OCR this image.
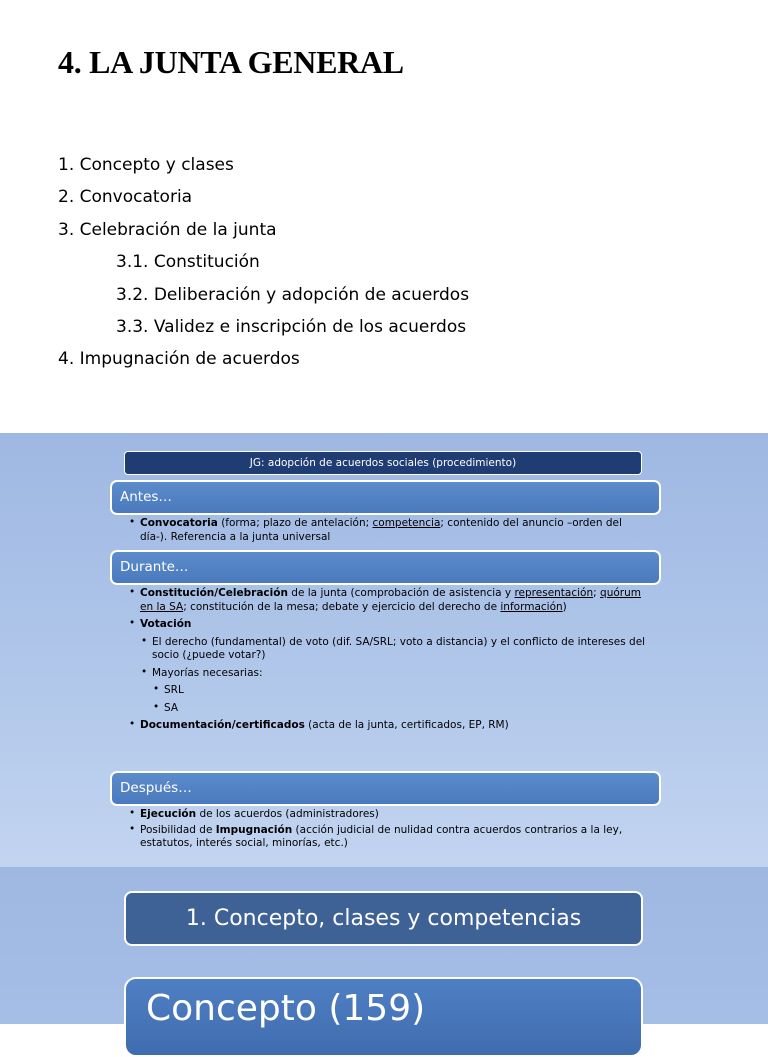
4. LA JUNTA GENERAL
1. Concepto y clases
2. Convocatoria
3. Celebración de la junta
3.1. Constitución
3.2. Deliberación y adopción de acuerdos
3.3. Validez e inscripción de los acuerdos
4. Impugnación de acuerdos
JG: adopción de acuerdos sociales (procedimiento)
Antes…
• Convocatoria (forma; plazo de antelación; competencia; contenido del anuncio –orden del día-). Referencia a la junta universal
Durante…
• Constitución/Celebración de la junta (comprobación de asistencia y representación; quórum en la SA; constitución de la mesa; debate y ejercicio del derecho de información)
• Votación
• El derecho (fundamental) de voto (dif. SA/SRL; voto a distancia) y el conflicto de intereses del socio (¿puede votar?)
• Mayorías necesarias:
• SRL
• SA
• Documentación/certificados (acta de la junta, certificados, EP, RM)
Después…
• Ejecución de los acuerdos (administradores)
• Posibilidad de Impugnación (acción judicial de nulidad contra acuerdos contrarios a la ley, estatutos, interés social, minorías, etc.)
1. Concepto, clases y competencias
Concepto (159)
